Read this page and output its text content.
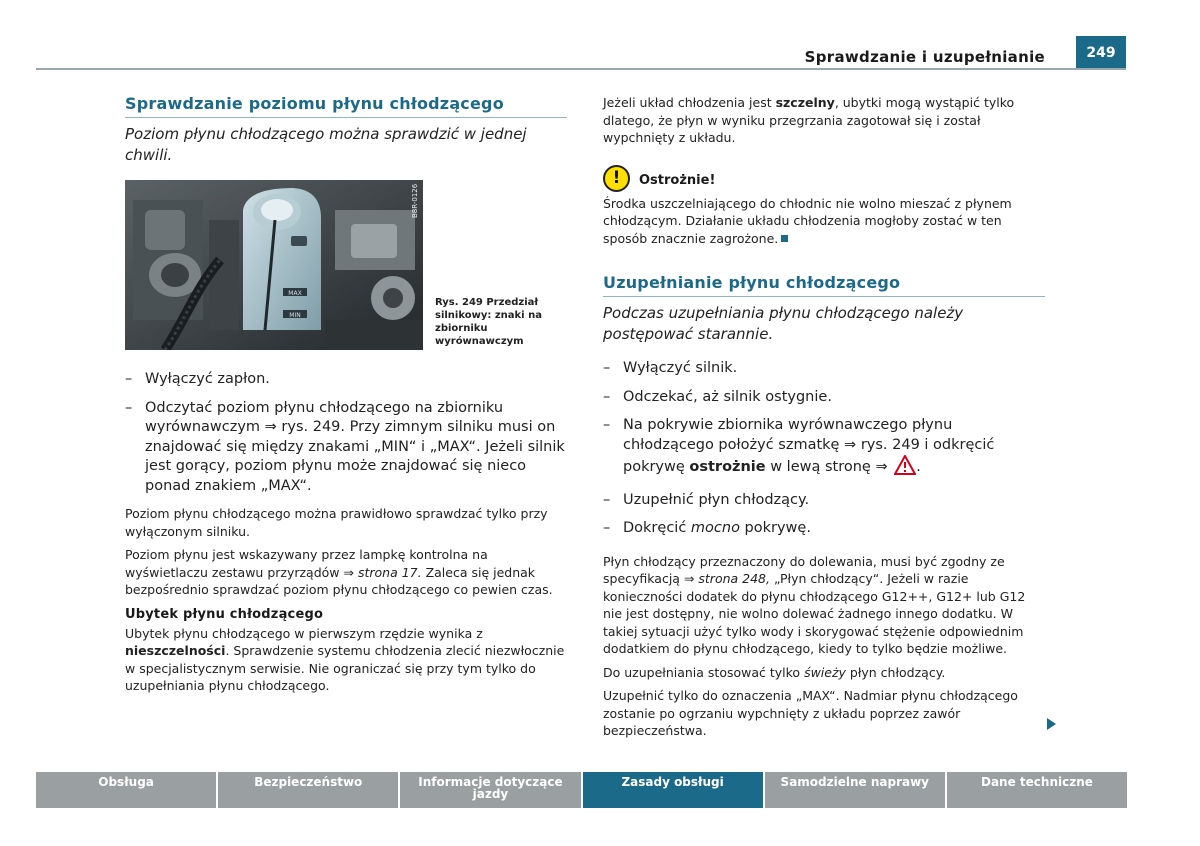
Sprawdzanie i uzupełnianie	249
Sprawdzanie poziomu płynu chłodzącego
Poziom płynu chłodzącego można sprawdzić w jednej chwili.
MAX
MIN
B8R-0126
Rys. 249 Przedział silnikowy: znaki na zbiorniku wyrównawczym
– Wyłączyć zapłon.
– Odczytać poziom płynu chłodzącego na zbiorniku wyrównawczym ⇒ rys. 249. Przy zimnym silniku musi on znajdować się między znakami „MIN“ i „MAX“. Jeżeli silnik jest gorący, poziom płynu może znajdować się nieco ponad znakiem „MAX“.

Poziom płynu chłodzącego można prawidłowo sprawdzać tylko przy wyłączonym silniku.

Poziom płynu jest wskazywany przez lampkę kontrolna na wyświetlaczu zestawu przyrządów ⇒ strona 17. Zaleca się jednak bezpośrednio sprawdzać poziom płynu chłodzącego co pewien czas.

Ubytek płynu chłodzącego

Ubytek płynu chłodzącego w pierwszym rzędzie wynika z nieszczelności. Sprawdzenie systemu chłodzenia zlecić niezwłocznie w specjalistycznym serwisie. Nie ograniczać się przy tym tylko do uzupełniania płynu chłodzącego.

Jeżeli układ chłodzenia jest szczelny, ubytki mogą wystąpić tylko dlatego, że płyn w wyniku przegrzania zagotował się i został wypchnięty z układu.

!	Ostrożnie!

Środka uszczelniającego do chłodnic nie wolno mieszać z płynem chłodzącym. Działanie układu chłodzenia mogłoby zostać w ten sposób znacznie zagrożone.

Uzupełnianie płynu chłodzącego
Podczas uzupełniania płynu chłodzącego należy postępować starannie.
– Wyłączyć silnik.
– Odczekać, aż silnik ostygnie.
– Na pokrywie zbiornika wyrównawczego płynu chłodzącego położyć szmatkę ⇒ rys. 249 i odkręcić pokrywę ostrożnie w lewą stronę ⇒ .
– Uzupełnić płyn chłodzący.
– Dokręcić mocno pokrywę.

Płyn chłodzący przeznaczony do dolewania, musi być zgodny ze specyfikacją ⇒ strona 248, „Płyn chłodzący“. Jeżeli w razie konieczności dodatek do płynu chłodzącego G12++, G12+ lub G12 nie jest dostępny, nie wolno dolewać żadnego innego dodatku. W takiej sytuacji użyć tylko wody i skorygować stężenie odpowiednim dodatkiem do płynu chłodzącego, kiedy to tylko będzie możliwe.

Do uzupełniania stosować tylko świeży płyn chłodzący.

Uzupełnić tylko do oznaczenia „MAX“. Nadmiar płynu chłodzącego zostanie po ogrzaniu wypchnięty z układu poprzez zawór bezpieczeństwa.

Obsługa	Bezpieczeństwo	Informacje dotyczące jazdy
Zasady obsługi	Samodzielne naprawy	Dane techniczne
